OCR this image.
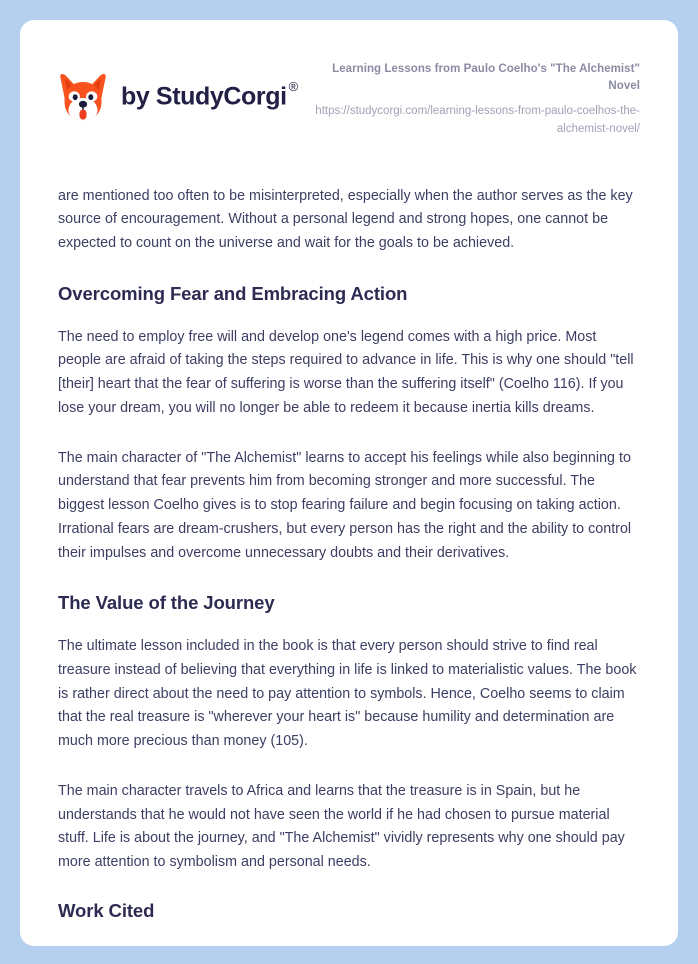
by StudyCorgi ®
Learning Lessons from Paulo Coelho's "The Alchemist" Novel
https://studycorgi.com/learning-lessons-from-paulo-coelhos-the-alchemist-novel/

are mentioned too often to be misinterpreted, especially when the author serves as the key source of encouragement. Without a personal legend and strong hopes, one cannot be expected to count on the universe and wait for the goals to be achieved.

Overcoming Fear and Embracing Action

The need to employ free will and develop one's legend comes with a high price. Most people are afraid of taking the steps required to advance in life. This is why one should "tell [their] heart that the fear of suffering is worse than the suffering itself" (Coelho 116). If you lose your dream, you will no longer be able to redeem it because inertia kills dreams.

The main character of "The Alchemist" learns to accept his feelings while also beginning to understand that fear prevents him from becoming stronger and more successful. The biggest lesson Coelho gives is to stop fearing failure and begin focusing on taking action. Irrational fears are dream-crushers, but every person has the right and the ability to control their impulses and overcome unnecessary doubts and their derivatives.

The Value of the Journey

The ultimate lesson included in the book is that every person should strive to find real treasure instead of believing that everything in life is linked to materialistic values. The book is rather direct about the need to pay attention to symbols. Hence, Coelho seems to claim that the real treasure is "wherever your heart is" because humility and determination are much more precious than money (105).

The main character travels to Africa and learns that the treasure is in Spain, but he understands that he would not have seen the world if he had chosen to pursue material stuff. Life is about the journey, and "The Alchemist" vividly represents why one should pay more attention to symbolism and personal needs.

Work Cited
